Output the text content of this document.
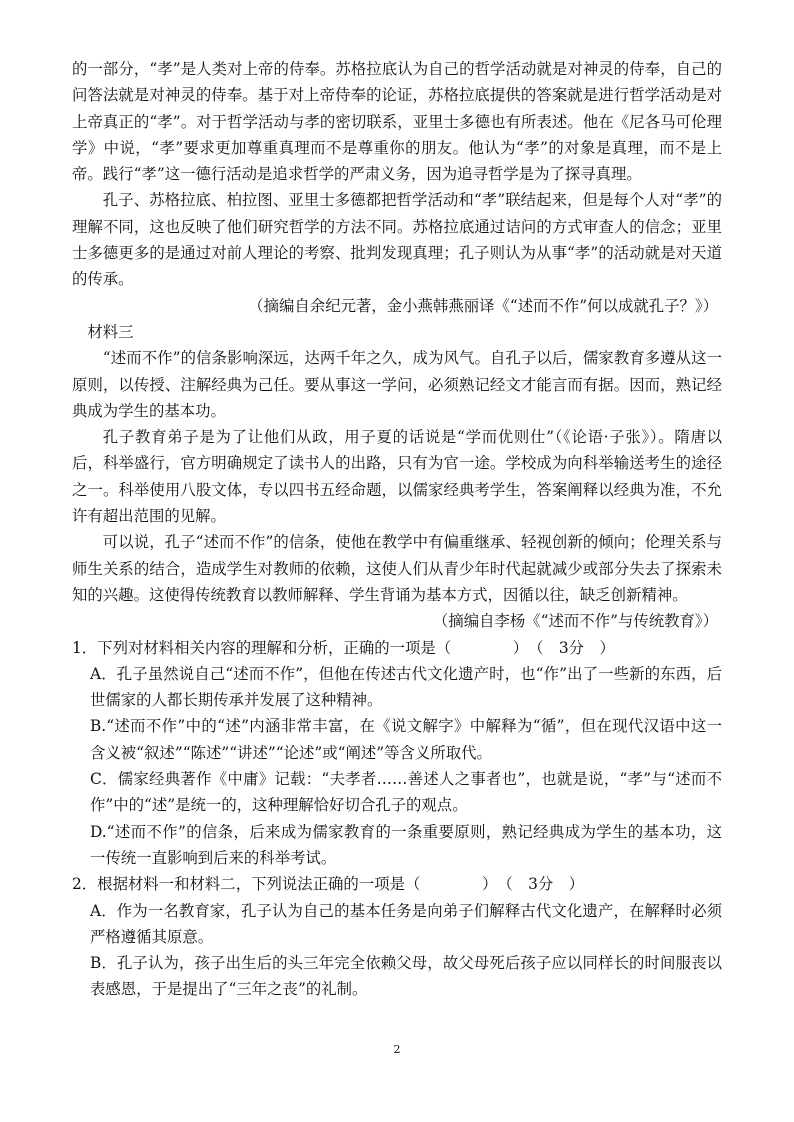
的一部分，“孝”是人类对上帝的侍奉。苏格拉底认为自己的哲学活动就是对神灵的侍奉，自己的问答法就是对神灵的侍奉。基于对上帝侍奉的论证，苏格拉底提供的答案就是进行哲学活动是对上帝真正的“孝”。对于哲学活动与孝的密切联系，亚里士多德也有所表述。他在《尼各马可伦理学》中说，“孝”要求更加尊重真理而不是尊重你的朋友。他认为“孝”的对象是真理，而不是上帝。践行“孝”这一德行活动是追求哲学的严肃义务，因为追寻哲学是为了探寻真理。

孔子、苏格拉底、柏拉图、亚里士多德都把哲学活动和“孝”联结起来，但是每个人对“孝”的理解不同，这也反映了他们研究哲学的方法不同。苏格拉底通过诘问的方式审查人的信念；亚里士多德更多的是通过对前人理论的考察、批判发现真理；孔子则认为从事“孝”的活动就是对天道的传承。

（摘编自余纪元著，金小燕韩燕丽译《“述而不作”何以成就孔子？》）

材料三

“述而不作”的信条影响深远，达两千年之久，成为风气。自孔子以后，儒家教育多遵从这一原则，以传授、注解经典为己任。要从事这一学问，必须熟记经文才能言而有据。因而，熟记经典成为学生的基本功。

孔子教育弟子是为了让他们从政，用子夏的话说是“学而优则仕”（《论语·子张》）。隋唐以后，科举盛行，官方明确规定了读书人的出路，只有为官一途。学校成为向科举输送考生的途径之一。科举使用八股文体，专以四书五经命题，以儒家经典考学生，答案阐释以经典为准，不允许有超出范围的见解。

可以说，孔子“述而不作”的信条，使他在教学中有偏重继承、轻视创新的倾向；伦理关系与师生关系的结合，造成学生对教师的依赖，这使人们从青少年时代起就减少或部分失去了探索未知的兴趣。这使得传统教育以教师解释、学生背诵为基本方式，因循以往，缺乏创新精神。

（摘编自李杨《“述而不作”与传统教育》）

1．下列对材料相关内容的理解和分析，正确的一项是（　　　　）　（　3分　）

A．孔子虽然说自己“述而不作”，但他在传述古代文化遗产时，也“作”出了一些新的东西，后世儒家的人都长期传承并发展了这种精神。

B.“述而不作”中的“述”内涵非常丰富，在《说文解字》中解释为“循”，但在现代汉语中这一含义被“叙述”“陈述”“讲述”“论述”或“阐述”等含义所取代。

C．儒家经典著作《中庸》记载：“夫孝者……善述人之事者也”，也就是说，“孝”与“述而不作”中的“述”是统一的，这种理解恰好切合孔子的观点。

D.“述而不作”的信条，后来成为儒家教育的一条重要原则，熟记经典成为学生的基本功，这一传统一直影响到后来的科举考试。

2．根据材料一和材料二，下列说法正确的一项是（　　　　）　（　3分　）

A．作为一名教育家，孔子认为自己的基本任务是向弟子们解释古代文化遗产，在解释时必须严格遵循其原意。

B．孔子认为，孩子出生后的头三年完全依赖父母，故父母死后孩子应以同样长的时间服丧以表感恩，于是提出了“三年之丧”的礼制。

2
